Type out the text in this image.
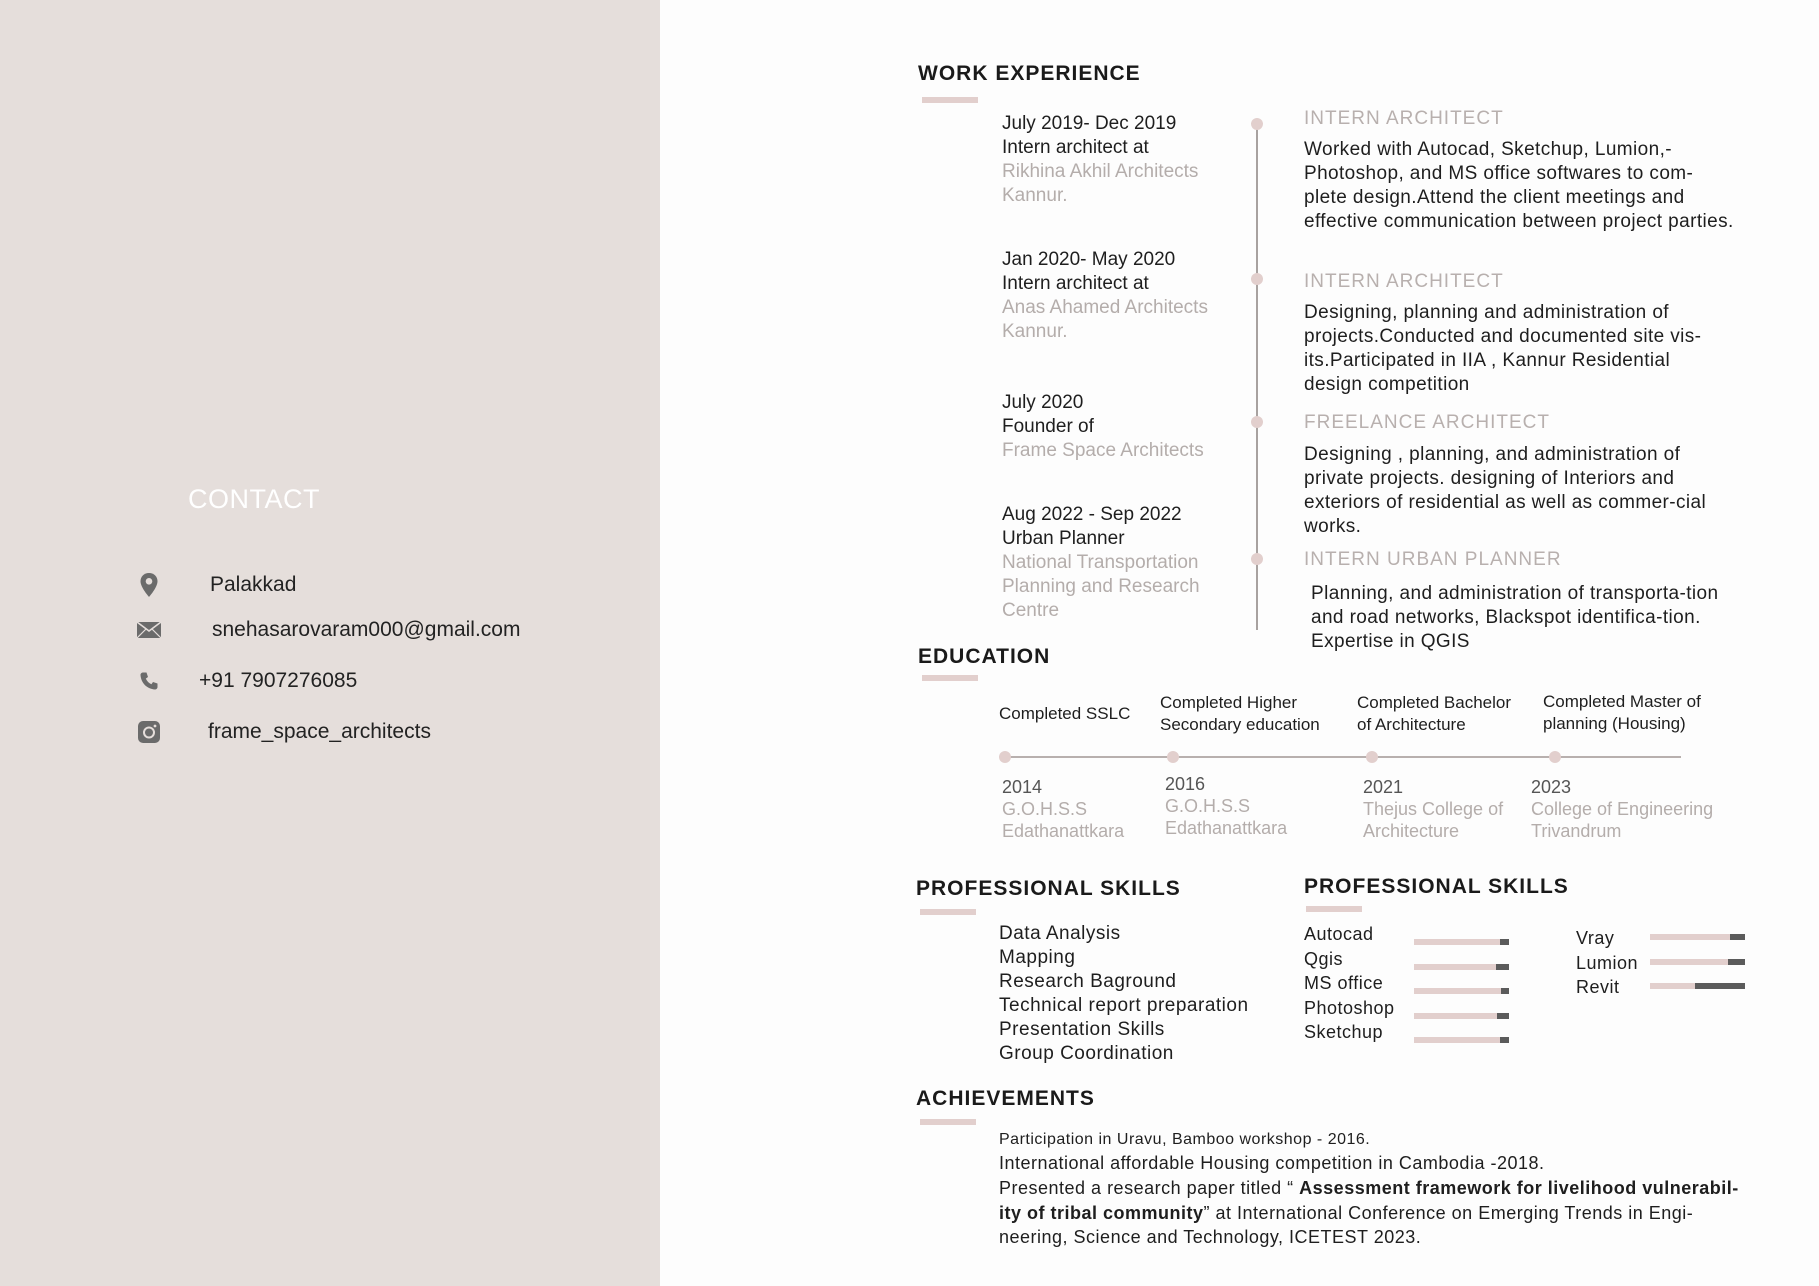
CONTACT
Palakkad
snehasarovaram000@gmail.com
+91 7907276085
frame_space_architects
WORK EXPERIENCE
July 2019- Dec 2019
Intern architect at
Rikhina Akhil Architects
Kannur.
INTERN ARCHITECT
Worked with Autocad, Sketchup, Lumion,-Photoshop, and MS office softwares to com-plete design.Attend the client meetings and effective communication between project parties.
Jan 2020- May 2020
Intern architect at
Anas Ahamed Architects
Kannur.
INTERN ARCHITECT
Designing, planning and administration of projects.Conducted and documented site vis-its.Participated in IIA , Kannur Residential design competition
July 2020
Founder of
Frame Space Architects
FREELANCE ARCHITECT
Designing , planning, and administration of private projects. designing of Interiors and exteriors of residential as well as commer-cial works.
Aug 2022 - Sep 2022
Urban Planner
National Transportation
Planning and Research
Centre
INTERN URBAN PLANNER
Planning, and administration of transporta-tion and road networks, Blackspot identifica-tion. Expertise in QGIS
EDUCATION
Completed SSLC
Completed Higher
Secondary education
Completed Bachelor
of Architecture
Completed Master of
planning (Housing)
2014
G.O.H.S.S
Edathanattkara
2016
G.O.H.S.S
Edathanattkara
2021
Thejus College of
Architecture
2023
College of Engineering
Trivandrum
PROFESSIONAL SKILLS
Data Analysis
Mapping
Research Baground
Technical report preparation
Presentation Skills
Group Coordination
PROFESSIONAL SKILLS
Autocad
Qgis
MS office
Photoshop
Sketchup
Vray
Lumion
Revit
ACHIEVEMENTS
Participation in Uravu, Bamboo workshop - 2016.
International affordable Housing competition in Cambodia -2018.
Presented a research paper titled “ Assessment framework for livelihood vulnerabil-ity of tribal community” at International Conference on Emerging Trends in Engi-neering, Science and Technology, ICETEST 2023.
